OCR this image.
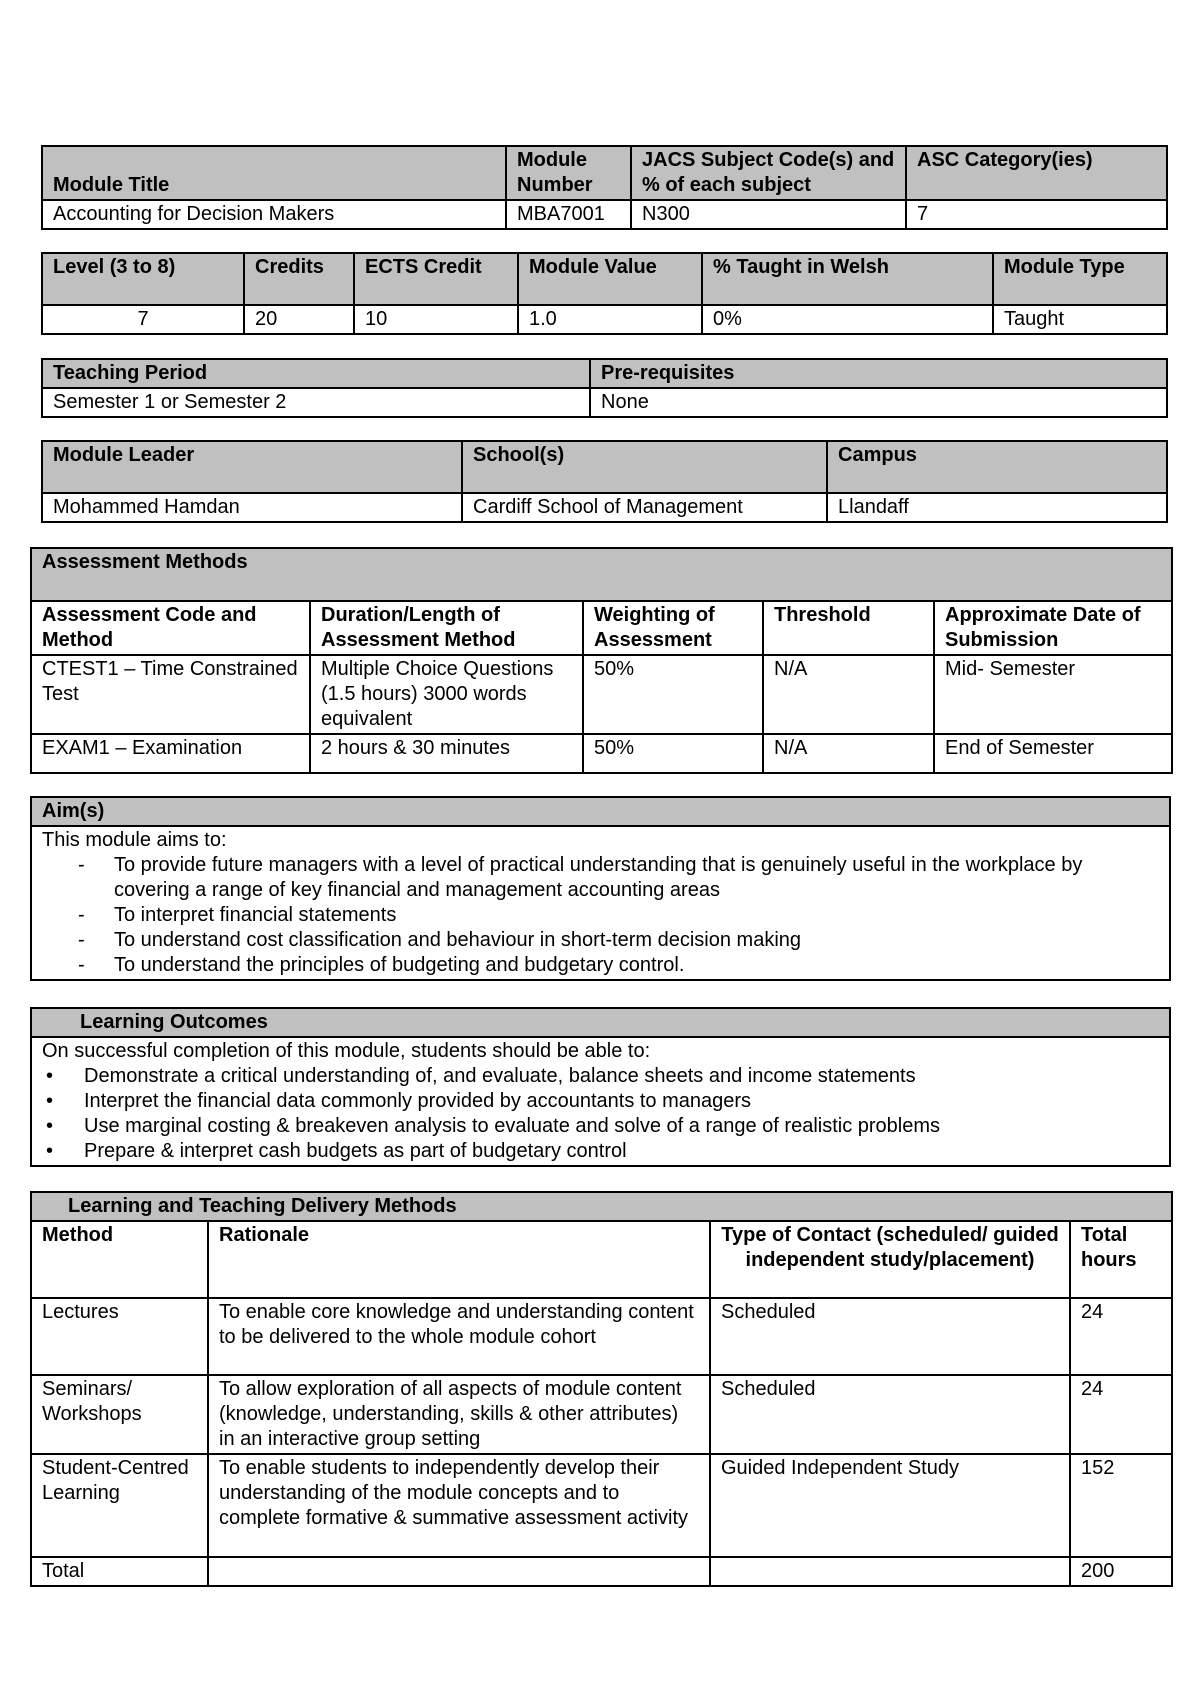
Module Title	Module Number	JACS Subject Code(s) and % of each subject	ASC Category(ies)
Accounting for Decision Makers	MBA7001	N300	7
Level (3 to 8)	Credits	ECTS Credit	Module Value	% Taught in Welsh	Module Type
7	20	10	1.0	0%	Taught
Teaching Period	Pre-requisites
Semester 1 or Semester 2	None
Module Leader	School(s)	Campus
Mohammed Hamdan	Cardiff School of Management	Llandaff
Assessment Methods				
Assessment Code and Method	Duration/Length of Assessment Method	Weighting of Assessment	Threshold	Approximate Date of Submission
CTEST1 – Time Constrained Test	Multiple Choice Questions (1.5 hours) 3000 words equivalent	50%	N/A	Mid- Semester
EXAM1 – Examination	2 hours & 30 minutes	50%	N/A	End of Semester
Aim(s)

This module aims to:
- To provide future managers with a level of practical understanding that is genuinely useful in the workplace by covering a range of key financial and management accounting areas
- To interpret financial statements
- To understand cost classification and behaviour in short-term decision making
- To understand the principles of budgeting and budgetary control.
Learning Outcomes

On successful completion of this module, students should be able to:
• Demonstrate a critical understanding of, and evaluate, balance sheets and income statements
• Interpret the financial data commonly provided by accountants to managers
• Use marginal costing & breakeven analysis to evaluate and solve of a range of realistic problems
• Prepare & interpret cash budgets as part of budgetary control
Learning and Teaching Delivery Methods			
Method	Rationale	Type of Contact (scheduled/ guided independent study/placement)	Total hours
Lectures	To enable core knowledge and understanding content to be delivered to the whole module cohort	Scheduled	24
Seminars/ Workshops	To allow exploration of all aspects of module content (knowledge, understanding, skills & other attributes) in an interactive group setting	Scheduled	24
Student-Centred Learning	To enable students to independently develop their understanding of the module concepts and to complete formative & summative assessment activity	Guided Independent Study	152
Total			200
